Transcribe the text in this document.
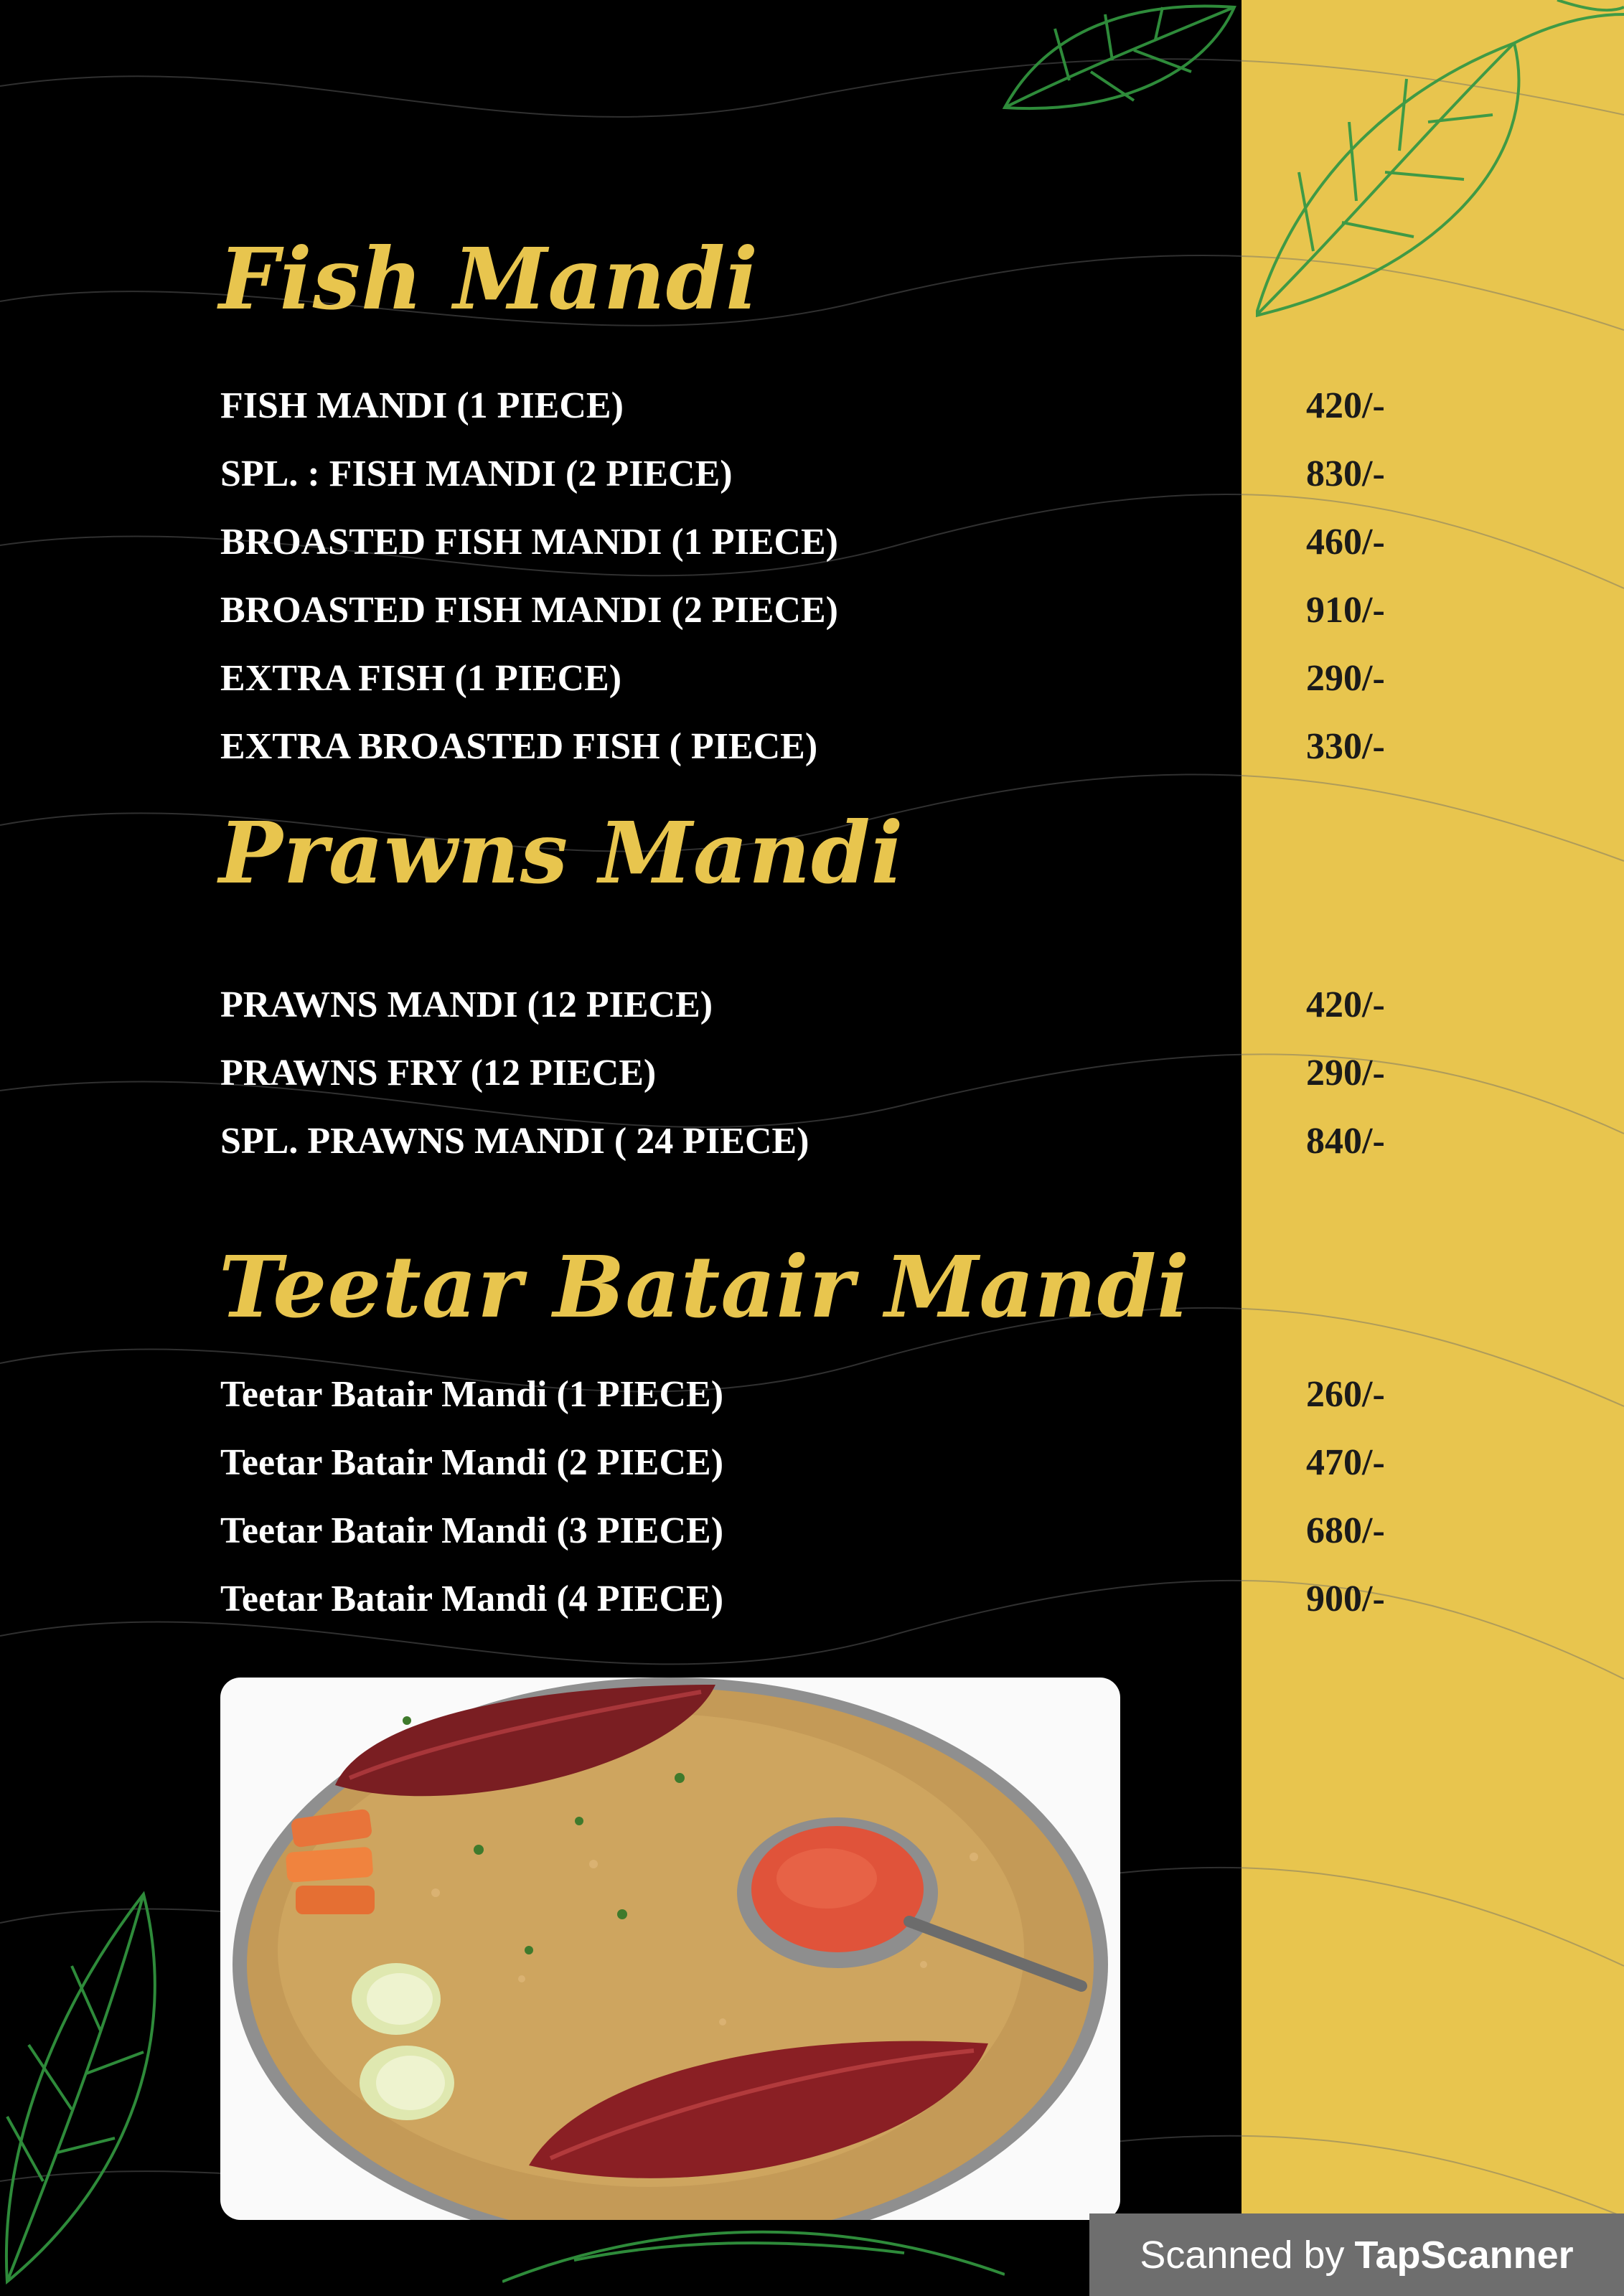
Fish Mandi
FISH MANDI (1 PIECE)	420/-
SPL. : FISH MANDI (2 PIECE)	830/-
BROASTED FISH MANDI (1 PIECE)	460/-
BROASTED FISH MANDI (2 PIECE)	910/-
EXTRA FISH (1 PIECE)	290/-
EXTRA BROASTED FISH ( PIECE)	330/-
Prawns Mandi
PRAWNS MANDI (12 PIECE)	420/-
PRAWNS FRY (12 PIECE)	290/-
SPL. PRAWNS MANDI ( 24 PIECE)	840/-
Teetar Batair Mandi
Teetar Batair Mandi (1 PIECE)	260/-
Teetar Batair Mandi (2 PIECE)	470/-
Teetar Batair Mandi (3 PIECE)	680/-
Teetar Batair Mandi (4 PIECE)	900/-
Scanned by TapScanner
